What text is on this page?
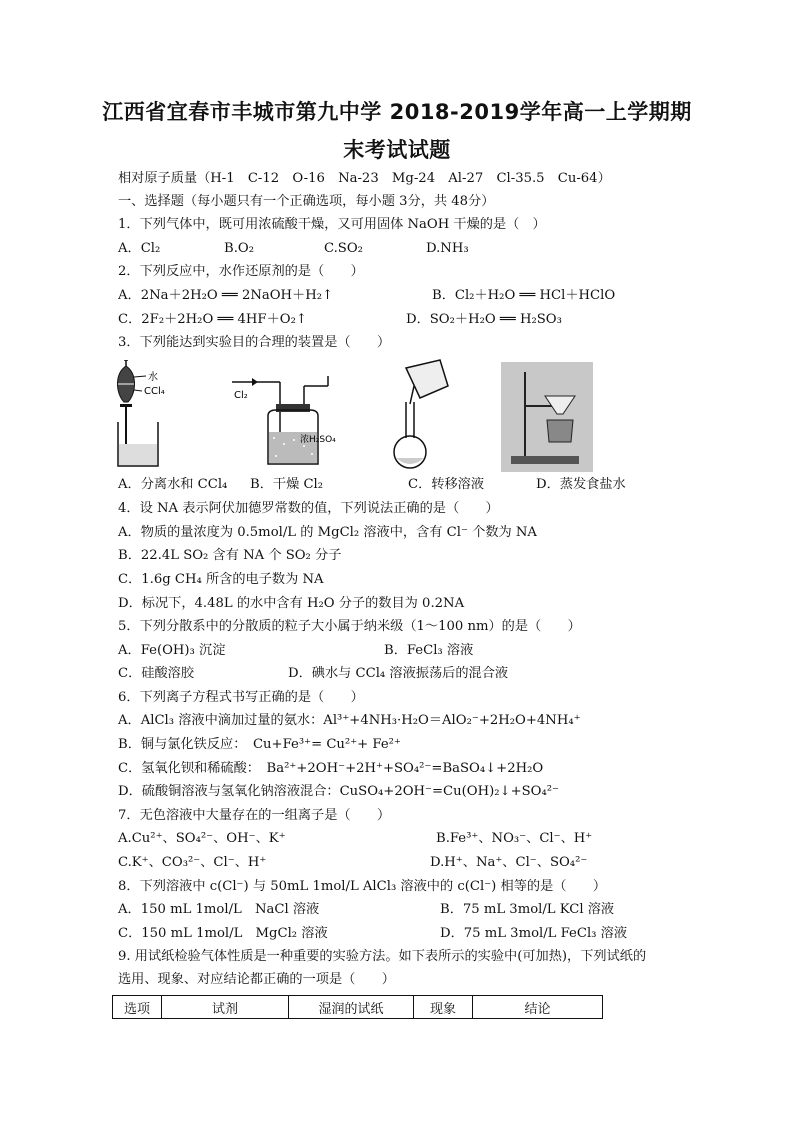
江西省宜春市丰城市第九中学 2018-2019学年高一上学期期
末考试试题
相对原子质量（H-1　C-12　O-16　Na-23　Mg-24　Al-27　Cl-35.5　Cu-64）
一、选择题（每小题只有一个正确选项，每小题 3分，共 48分）
1．下列气体中，既可用浓硫酸干燥，又可用固体 NaOH 干燥的是（　）
A．Cl₂	B.O₂	C.SO₂	D.NH₃
2．下列反应中，水作还原剂的是（　　）
A．2Na＋2H₂O ══ 2NaOH＋H₂↑	B．Cl₂＋H₂O ══ HCl＋HClO
C．2F₂＋2H₂O ══ 4HF＋O₂↑	D．SO₂＋H₂O ══ H₂SO₃
3．下列能达到实验目的合理的装置是（　　）
水
CCl₄	Cl₂
浓H₂SO₄
A．分离水和 CCl₄ B．干燥 Cl₂	C．转移溶液	D．蒸发食盐水
4．设 NA 表示阿伏加德罗常数的值，下列说法正确的是（　　）
A．物质的量浓度为 0.5mol/L 的 MgCl₂ 溶液中，含有 Cl⁻ 个数为 NA
B．22.4L SO₂ 含有 NA 个 SO₂ 分子
C．1.6g CH₄ 所含的电子数为 NA
D．标况下，4.48L 的水中含有 H₂O 分子的数目为 0.2NA
5．下列分散系中的分散质的粒子大小属于纳米级（1～100 nm）的是（　　）
A．Fe(OH)₃ 沉淀	B．FeCl₃ 溶液
C．硅酸溶胶	D．碘水与 CCl₄ 溶液振荡后的混合液
6．下列离子方程式书写正确的是（　　）
A．AlCl₃ 溶液中滴加过量的氨水：Al³⁺+4NH₃·H₂O＝AlO₂⁻+2H₂O+4NH₄⁺
B．铜与氯化铁反应：　Cu+Fe³⁺= Cu²⁺+ Fe²⁺
C．氢氧化钡和稀硫酸：　Ba²⁺+2OH⁻+2H⁺+SO₄²⁻=BaSO₄↓+2H₂O
D．硫酸铜溶液与氢氧化钠溶液混合：CuSO₄+2OH⁻=Cu(OH)₂↓+SO₄²⁻
7．无色溶液中大量存在的一组离子是（　　）
A.Cu²⁺、SO₄²⁻、OH⁻、K⁺	B.Fe³⁺、NO₃⁻、Cl⁻、H⁺
C.K⁺、CO₃²⁻、Cl⁻、H⁺	D.H⁺、Na⁺、Cl⁻、SO₄²⁻
8．下列溶液中 c(Cl⁻) 与 50mL 1mol/L AlCl₃ 溶液中的 c(Cl⁻) 相等的是（　　）
A．150 mL 1mol/L　NaCl 溶液	B．75 mL 3mol/L KCl 溶液
C．150 mL 1mol/L　MgCl₂ 溶液	D．75 mL 3mol/L FeCl₃ 溶液
9. 用试纸检验气体性质是一种重要的实验方法。如下表所示的实验中(可加热)，下列试纸的
选用、现象、对应结论都正确的一项是（　　）
选项	试剂	湿润的试纸	现象	结论
